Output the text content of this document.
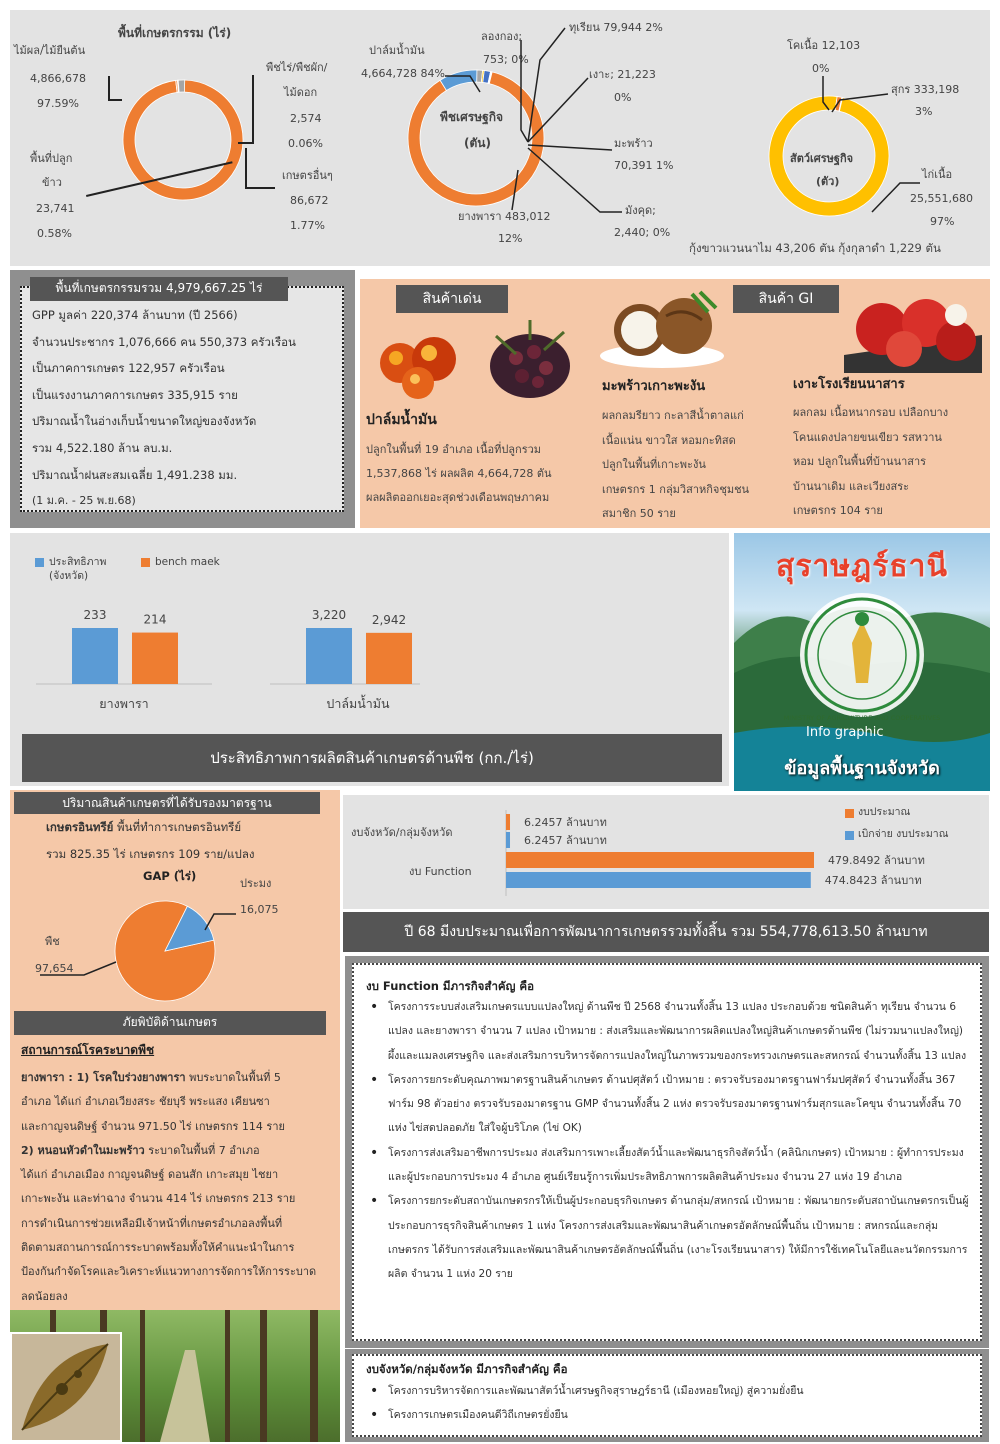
พื้นที่เกษตรกรรม (ไร่)
ไม้ผล/ไม้ยืนต้น
4,866,678
97.59%
พื้นที่ปลูก
ข้าว
23,741
0.58%
พืชไร่/พืชผัก/
ไม้ดอก
2,574
0.06%
เกษตรอื่นๆ
86,672
1.77%
พืชเศรษฐกิจ
(ตัน)
ปาล์มน้ำมัน
4,664,728 84%
ลองกอง;
753; 0%
ทุเรียน 79,944 2%
เงาะ; 21,223
0%
มะพร้าว
70,391 1%
มังคุด;
2,440; 0%
ยางพารา 483,012
12%
สัตว์เศรษฐกิจ
(ตัว)
โคเนื้อ 12,103
0%
สุกร 333,198
3%
ไก่เนื้อ
25,551,680
97%
กุ้งขาวแวนนาไม 43,206 ตัน กุ้งกุลาดำ 1,229 ตัน
พื้นที่เกษตรกรรมรวม 4,979,667.25 ไร่
GPP มูลค่า 220,374 ล้านบาท (ปี 2566)
จำนวนประชากร 1,076,666 คน 550,373 ครัวเรือน
เป็นภาคการเกษตร 122,957 ครัวเรือน
เป็นแรงงานภาคการเกษตร 335,915 ราย
ปริมาณน้ำในอ่างเก็บน้ำขนาดใหญ่ของจังหวัด
รวม 4,522.180 ล้าน ลบ.ม.
ปริมาณน้ำฝนสะสมเฉลี่ย 1,491.238 มม.
(1 ม.ค. - 25 พ.ย.68)
สินค้าเด่น	สินค้า GI
ปาล์มน้ำมัน
ปลูกในพื้นที่ 19 อำเภอ เนื้อที่ปลูกรวม
1,537,868 ไร่ ผลผลิต 4,664,728 ตัน
ผลผลิตออกเยอะสุดช่วงเดือนพฤษภาคม
มะพร้าวเกาะพะงัน
ผลกลมรียาว กะลาสีน้ำตาลแก่
เนื้อแน่น ขาวใส หอมกะทิสด
ปลูกในพื้นที่เกาะพะงัน
เกษตรกร 1 กลุ่มวิสาหกิจชุมชน
สมาชิก 50 ราย
เงาะโรงเรียนนาสาร
ผลกลม เนื้อหนากรอบ เปลือกบาง
โคนแดงปลายขนเขียว รสหวาน
หอม ปลูกในพื้นที่บ้านนาสาร
บ้านนาเดิม และเวียงสระ
เกษตรกร 104 ราย
ประสิทธิภาพ (จังหวัด)
bench maek
233	214
ยางพารา
3,220 2,942
ปาล์มน้ำมัน
ประสิทธิภาพการผลิตสินค้าเกษตรด้านพืช (กก./ไร่)
สุราษฎร์ธานี
MINISTRY OF AGRICULTURE AND COOPERATIVES
Info graphic
ข้อมูลพื้นฐานจังหวัด
ปริมาณสินค้าเกษตรที่ได้รับรองมาตรฐาน
เกษตรอินทรีย์ พื้นที่ทำการเกษตรอินทรีย์
รวม 825.35 ไร่ เกษตรกร 109 ราย/แปลง
GAP (ไร่)
ประมง
16,075
พืช
97,654
ภัยพิบัติด้านเกษตร
สถานการณ์โรคระบาดพืช
ยางพารา : 1) โรคใบร่วงยางพารา พบระบาดในพื้นที่ 5
อำเภอ ได้แก่ อำเภอเวียงสระ ชัยบุรี พระแสง เคียนซา
และกาญจนดิษฐ์ จำนวน 971.50 ไร่ เกษตรกร 114 ราย
2) หนอนหัวดำในมะพร้าว ระบาดในพื้นที่ 7 อำเภอ
ได้แก่ อำเภอเมือง กาญจนดิษฐ์ ดอนสัก เกาะสมุย ไชยา
เกาะพะงัน และท่าฉาง จำนวน 414 ไร่ เกษตรกร 213 ราย
การดำเนินการช่วยเหลือมีเจ้าหน้าที่เกษตรอำเภอลงพื้นที่
ติดตามสถานการณ์การระบาดพร้อมทั้งให้คำแนะนำในการ
ป้องกันกำจัดโรคและวิเคราะห์แนวทางการจัดการให้การระบาด
ลดน้อยลง
งบประมาณ
เบิกจ่าย งบประมาณ
งบจังหวัด/กลุ่มจังหวัด
งบ Function
6.2457 ล้านบาท
6.2457 ล้านบาท
479.8492 ล้านบาท
474.8423 ล้านบาท
ปี 68 มีงบประมาณเพื่อการพัฒนาการเกษตรรวมทั้งสิ้น รวม 554,778,613.50 ล้านบาท
งบ Function มีภารกิจสำคัญ คือ
• โครงการระบบส่งเสริมเกษตรแบบแปลงใหญ่ ด้านพืช ปี 2568 จำนวนทั้งสิ้น 13 แปลง ประกอบด้วย ชนิดสินค้า ทุเรียน จำนวน 6 แปลง และยางพารา จำนวน 7 แปลง เป้าหมาย : ส่งเสริมและพัฒนาการผลิตแปลงใหญ่สินค้าเกษตรด้านพืช (ไม่รวมนาแปลงใหญ่) ผึ้งและแมลงเศรษฐกิจ และส่งเสริมการบริหารจัดการแปลงใหญ่ในภาพรวมของกระทรวงเกษตรและสหกรณ์ จำนวนทั้งสิ้น 13 แปลง
• โครงการยกระดับคุณภาพมาตรฐานสินค้าเกษตร ด้านปศุสัตว์ เป้าหมาย : ตรวจรับรองมาตรฐานฟาร์มปศุสัตว์ จำนวนทั้งสิ้น 367 ฟาร์ม 98 ตัวอย่าง ตรวจรับรองมาตรฐาน GMP จำนวนทั้งสิ้น 2 แห่ง ตรวจรับรองมาตรฐานฟาร์มสุกรและโคขุน จำนวนทั้งสิ้น 70 แห่ง ไข่สดปลอดภัย ใส่ใจผู้บริโภค (ไข่ OK)
• โครงการส่งเสริมอาชีพการประมง ส่งเสริมการเพาะเลี้ยงสัตว์น้ำและพัฒนาธุรกิจสัตว์น้ำ (คลินิกเกษตร) เป้าหมาย : ผู้ทำการประมงและผู้ประกอบการประมง 4 อำเภอ ศูนย์เรียนรู้การเพิ่มประสิทธิภาพการผลิตสินค้าประมง จำนวน 27 แห่ง 19 อำเภอ
• โครงการยกระดับสถาบันเกษตรกรให้เป็นผู้ประกอบธุรกิจเกษตร ด้านกลุ่ม/สหกรณ์ เป้าหมาย : พัฒนายกระดับสถาบันเกษตรกรเป็นผู้ประกอบการธุรกิจสินค้าเกษตร 1 แห่ง โครงการส่งเสริมและพัฒนาสินค้าเกษตรอัตลักษณ์พื้นถิ่น เป้าหมาย : สหกรณ์และกลุ่มเกษตรกร ได้รับการส่งเสริมและพัฒนาสินค้าเกษตรอัตลักษณ์พื้นถิ่น (เงาะโรงเรียนนาสาร) ให้มีการใช้เทคโนโลยีและนวัตกรรมการผลิต จำนวน 1 แห่ง 20 ราย
งบจังหวัด/กลุ่มจังหวัด มีภารกิจสำคัญ คือ
• โครงการบริหารจัดการและพัฒนาสัตว์น้ำเศรษฐกิจสุราษฎร์ธานี (เมืองหอยใหญ่) สู่ความยั่งยืน
• โครงการเกษตรเมืองคนดีวิถีเกษตรยั่งยืน
